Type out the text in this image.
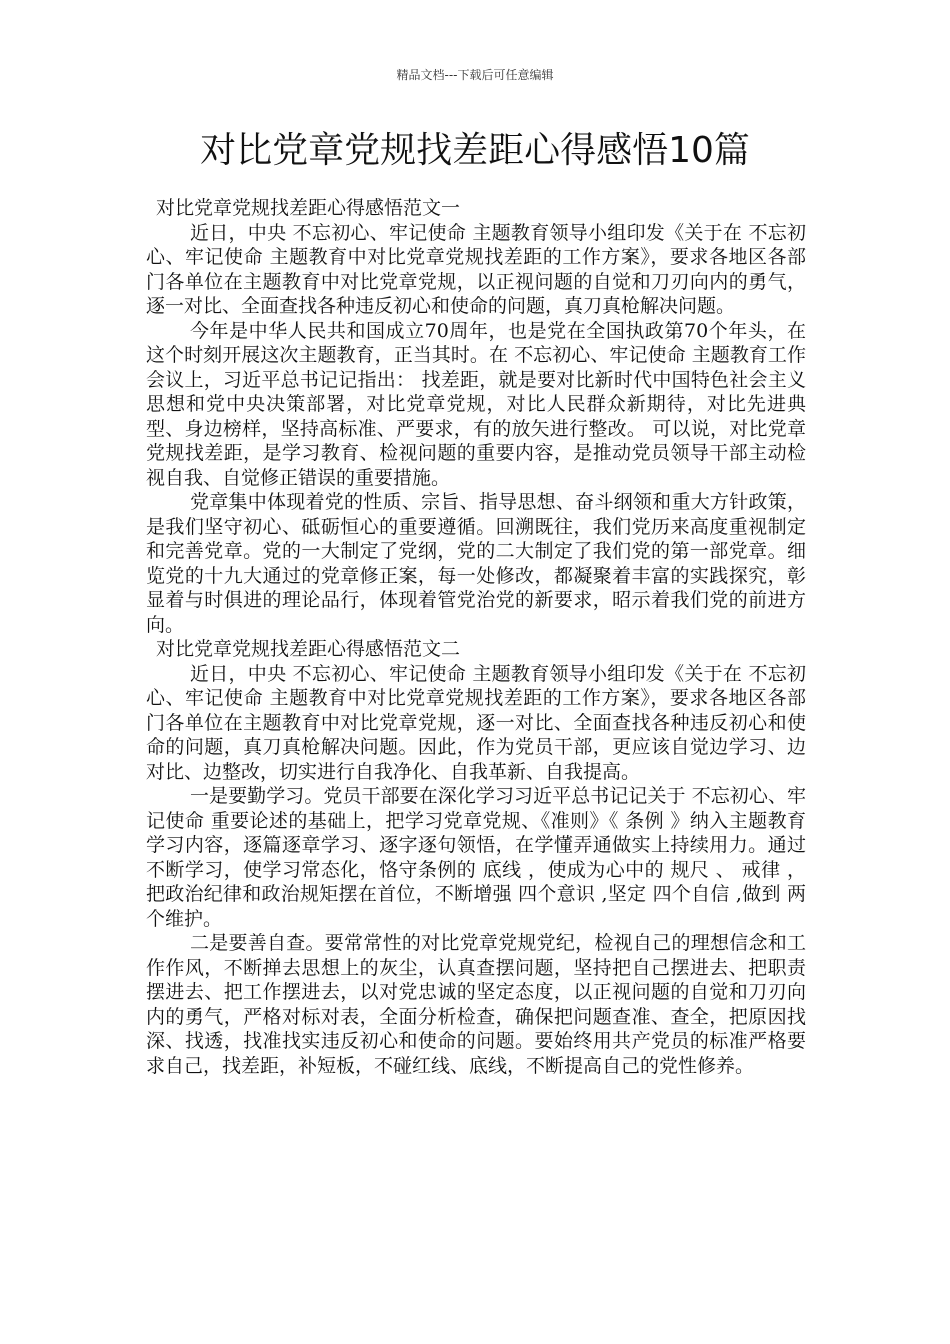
精品文档---下载后可任意编辑
对比党章党规找差距心得感悟10篇

对比党章党规找差距心得感悟范文一

近日，中央 不忘初心、牢记使命 主题教育领导小组印发《关于在 不忘初心、牢记使命 主题教育中对比党章党规找差距的工作方案》，要求各地区各部门各单位在主题教育中对比党章党规，以正视问题的自觉和刀刃向内的勇气，逐一对比、全面查找各种违反初心和使命的问题，真刀真枪解决问题。

今年是中华人民共和国成立70周年，也是党在全国执政第70个年头，在这个时刻开展这次主题教育，正当其时。在 不忘初心、牢记使命 主题教育工作会议上，习近平总书记记指出： 找差距，就是要对比新时代中国特色社会主义思想和党中央决策部署，对比党章党规，对比人民群众新期待，对比先进典型、身边榜样，坚持高标准、严要求，有的放矢进行整改。 可以说，对比党章党规找差距，是学习教育、检视问题的重要内容，是推动党员领导干部主动检视自我、自觉修正错误的重要措施。

党章集中体现着党的性质、宗旨、指导思想、奋斗纲领和重大方针政策，是我们坚守初心、砥砺恒心的重要遵循。回溯既往，我们党历来高度重视制定和完善党章。党的一大制定了党纲，党的二大制定了我们党的第一部党章。细览党的十九大通过的党章修正案，每一处修改，都凝聚着丰富的实践探究，彰显着与时俱进的理论品行，体现着管党治党的新要求，昭示着我们党的前进方向。

对比党章党规找差距心得感悟范文二

近日，中央 不忘初心、牢记使命 主题教育领导小组印发《关于在 不忘初心、牢记使命 主题教育中对比党章党规找差距的工作方案》，要求各地区各部门各单位在主题教育中对比党章党规，逐一对比、全面查找各种违反初心和使命的问题，真刀真枪解决问题。因此，作为党员干部，更应该自觉边学习、边对比、边整改，切实进行自我净化、自我革新、自我提高。

一是要勤学习。党员干部要在深化学习习近平总书记记关于 不忘初心、牢记使命 重要论述的基础上，把学习党章党规、《准则》《 条例 》纳入主题教育学习内容，逐篇逐章学习、逐字逐句领悟，在学懂弄通做实上持续用力。通过不断学习，使学习常态化，恪守条例的 底线 ，使成为心中的 规尺 、 戒律 ，把政治纪律和政治规矩摆在首位，不断增强 四个意识 ,坚定 四个自信 ,做到 两个维护。

二是要善自查。要常常性的对比党章党规党纪，检视自己的理想信念和工作作风，不断掸去思想上的灰尘，认真查摆问题，坚持把自己摆进去、把职责摆进去、把工作摆进去，以对党忠诚的坚定态度，以正视问题的自觉和刀刃向内的勇气，严格对标对表，全面分析检查，确保把问题查准、查全，把原因找深、找透，找准找实违反初心和使命的问题。要始终用共产党员的标准严格要求自己，找差距，补短板，不碰红线、底线，不断提高自己的党性修养。
